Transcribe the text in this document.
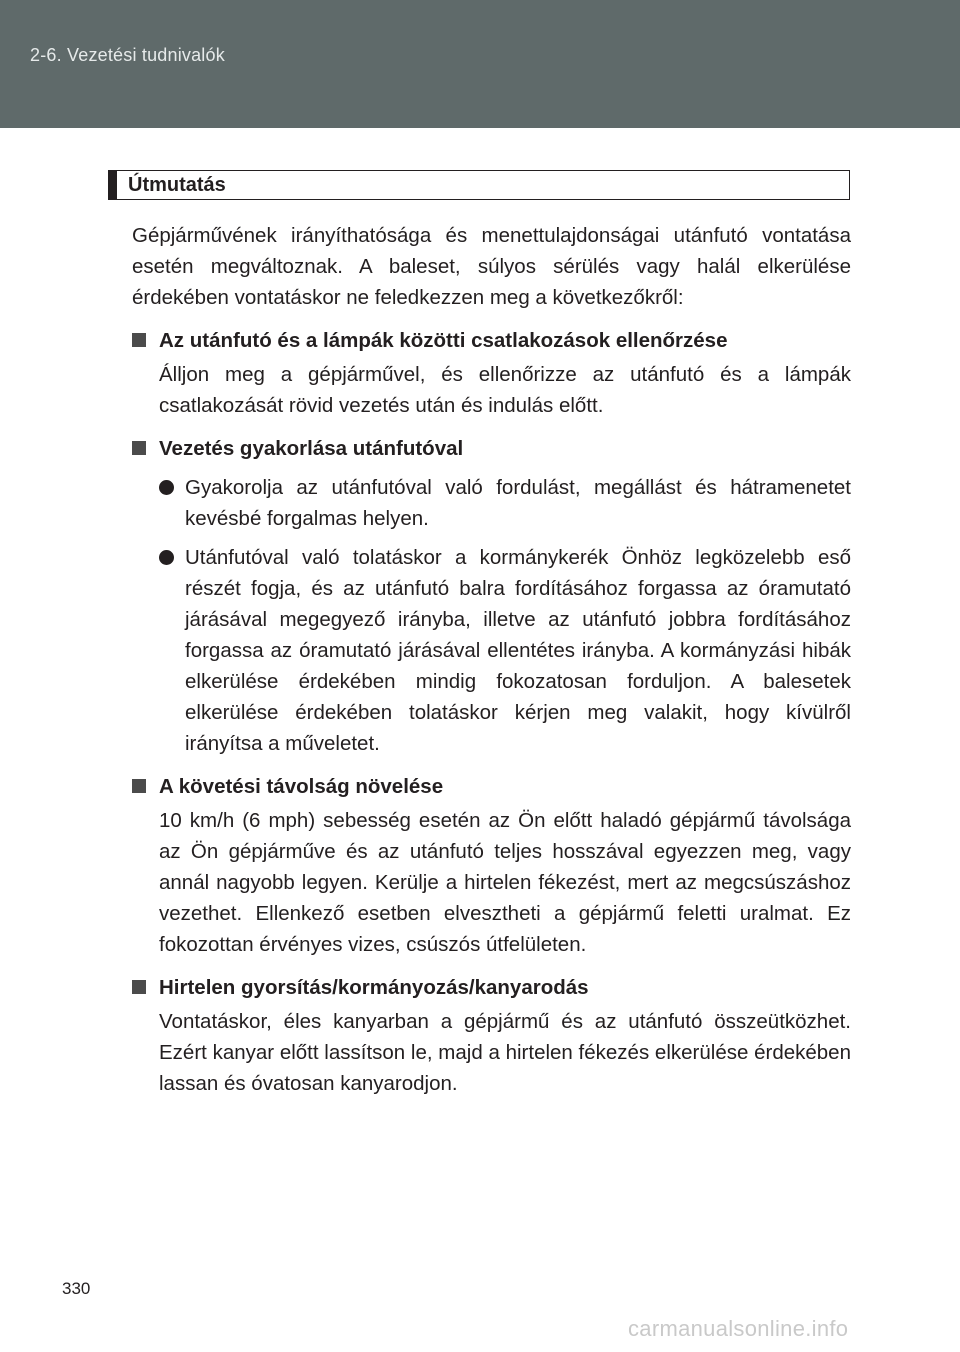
2-6. Vezetési tudnivalók
Útmutatás

Gépjárművének irányíthatósága és menettulajdonságai utánfutó vontatása esetén megváltoznak. A baleset, súlyos sérülés vagy halál elkerülése érdekében vontatáskor ne feledkezzen meg a következőkről:

Az utánfutó és a lámpák közötti csatlakozások ellenőrzése

Álljon meg a gépjárművel, és ellenőrizze az utánfutó és a lámpák csatlakozását rövid vezetés után és indulás előtt.

Vezetés gyakorlása utánfutóval

Gyakorolja az utánfutóval való fordulást, megállást és hátramenetet kevésbé forgalmas helyen.

Utánfutóval való tolatáskor a kormánykerék Önhöz legközelebb eső részét fogja, és az utánfutó balra fordításához forgassa az óramutató járásával megegyező irányba, illetve az utánfutó jobbra fordításához forgassa az óramutató járásával ellentétes irányba. A kormányzási hibák elkerülése érdekében mindig fokozatosan forduljon. A balesetek elkerülése érdekében tolatáskor kérjen meg valakit, hogy kívülről irányítsa a műveletet.

A követési távolság növelése

10 km/h (6 mph) sebesség esetén az Ön előtt haladó gépjármű távolsága az Ön gépjárműve és az utánfutó teljes hosszával egyezzen meg, vagy annál nagyobb legyen. Kerülje a hirtelen fékezést, mert az megcsúszáshoz vezethet. Ellenkező esetben elvesztheti a gépjármű feletti uralmat. Ez fokozottan érvényes vizes, csúszós útfelületen.

Hirtelen gyorsítás/kormányozás/kanyarodás

Vontatáskor, éles kanyarban a gépjármű és az utánfutó összeütközhet. Ezért kanyar előtt lassítson le, majd a hirtelen fékezés elkerülése érdekében lassan és óvatosan kanyarodjon.

330
carmanualsonline.info
